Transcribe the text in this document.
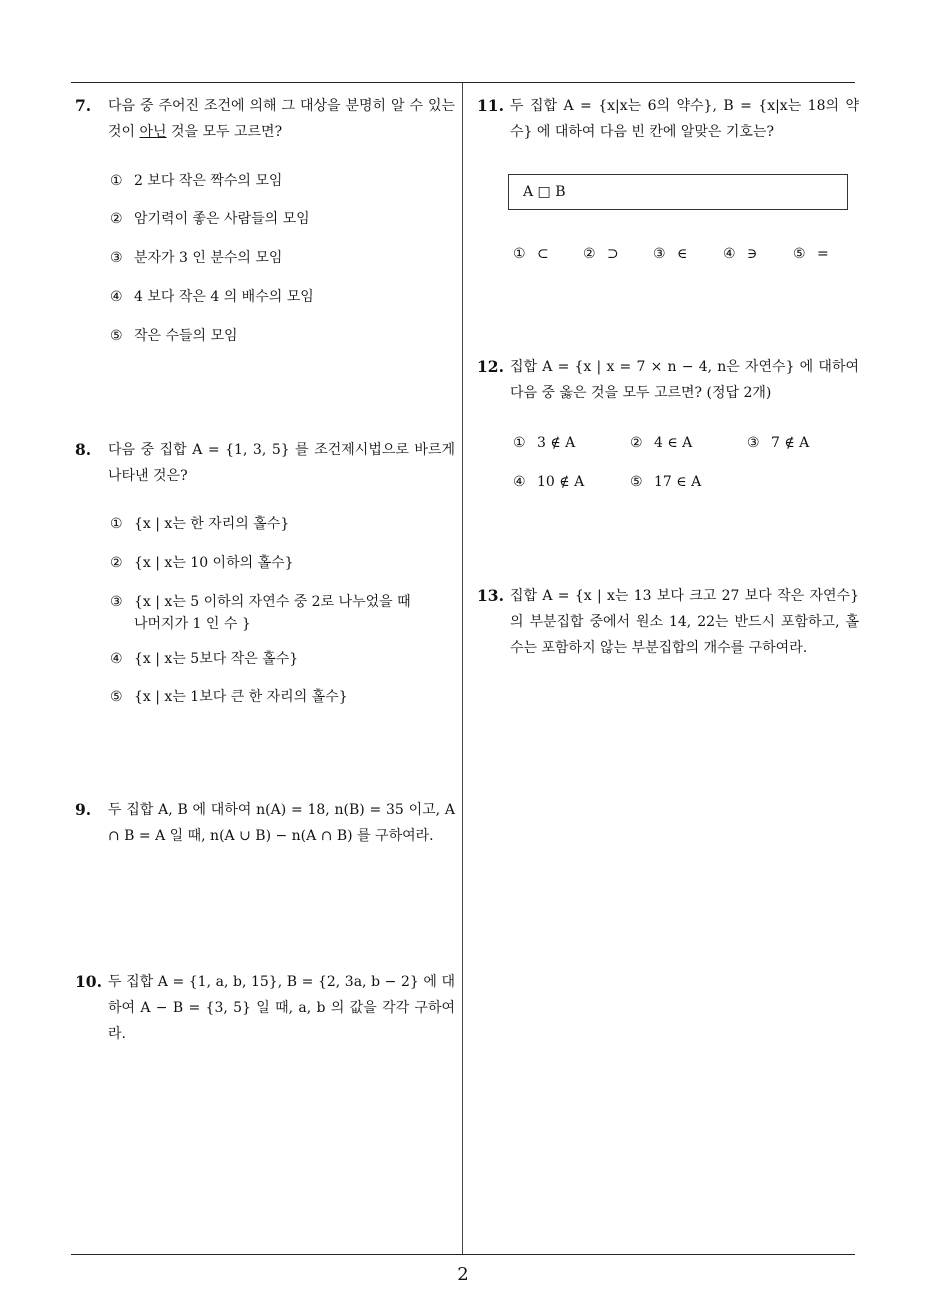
7. 다음 중 주어진 조건에 의해 그 대상을 분명히 알 수 있는 것이 아닌 것을 모두 고르면?
① 2 보다 작은 짝수의 모임
② 암기력이 좋은 사람들의 모임
③ 분자가 3 인 분수의 모임
④ 4 보다 작은 4 의 배수의 모임
⑤ 작은 수들의 모임
8. 다음 중 집합 A = {1, 3, 5} 를 조건제시법으로 바르게 나타낸 것은?
① {x | x는 한 자리의 홀수}
② {x | x는 10 이하의 홀수}
③ {x | x는 5 이하의 자연수 중 2로 나누었을 때
나머지가 1 인 수 }
④ {x | x는 5보다 작은 홀수}
⑤ {x | x는 1보다 큰 한 자리의 홀수}
9. 두 집합 A, B 에 대하여 n(A) = 18, n(B) = 35 이고, A ∩ B = A 일 때, n(A ∪ B) − n(A ∩ B) 를 구하여라.
10. 두 집합 A = {1, a, b, 15}, B = {2, 3a, b − 2} 에 대하여 A − B = {3, 5} 일 때, a, b 의 값을 각각 구하여라.
11. 두 집합 A = {x|x는 6의 약수}, B = {x|x는 18의 약수} 에 대하여 다음 빈 칸에 알맞은 기호는?
A □ B
① ⊂ ② ⊃ ③ ∈	④ ∋	⑤ =
12. 집합 A = {x | x = 7 × n − 4, n은 자연수} 에 대하여 다음 중 옳은 것을 모두 고르면? (정답 2개)
① 3 ∉ A	② 4 ∈ A	③ 7 ∉ A
④ 10 ∉ A	⑤ 17 ∈ A
13. 집합 A = {x | x는 13 보다 크고 27 보다 작은 자연수} 의 부분집합 중에서 원소 14, 22는 반드시 포함하고, 홀수는 포함하지 않는 부분집합의 개수를 구하여라.
2
